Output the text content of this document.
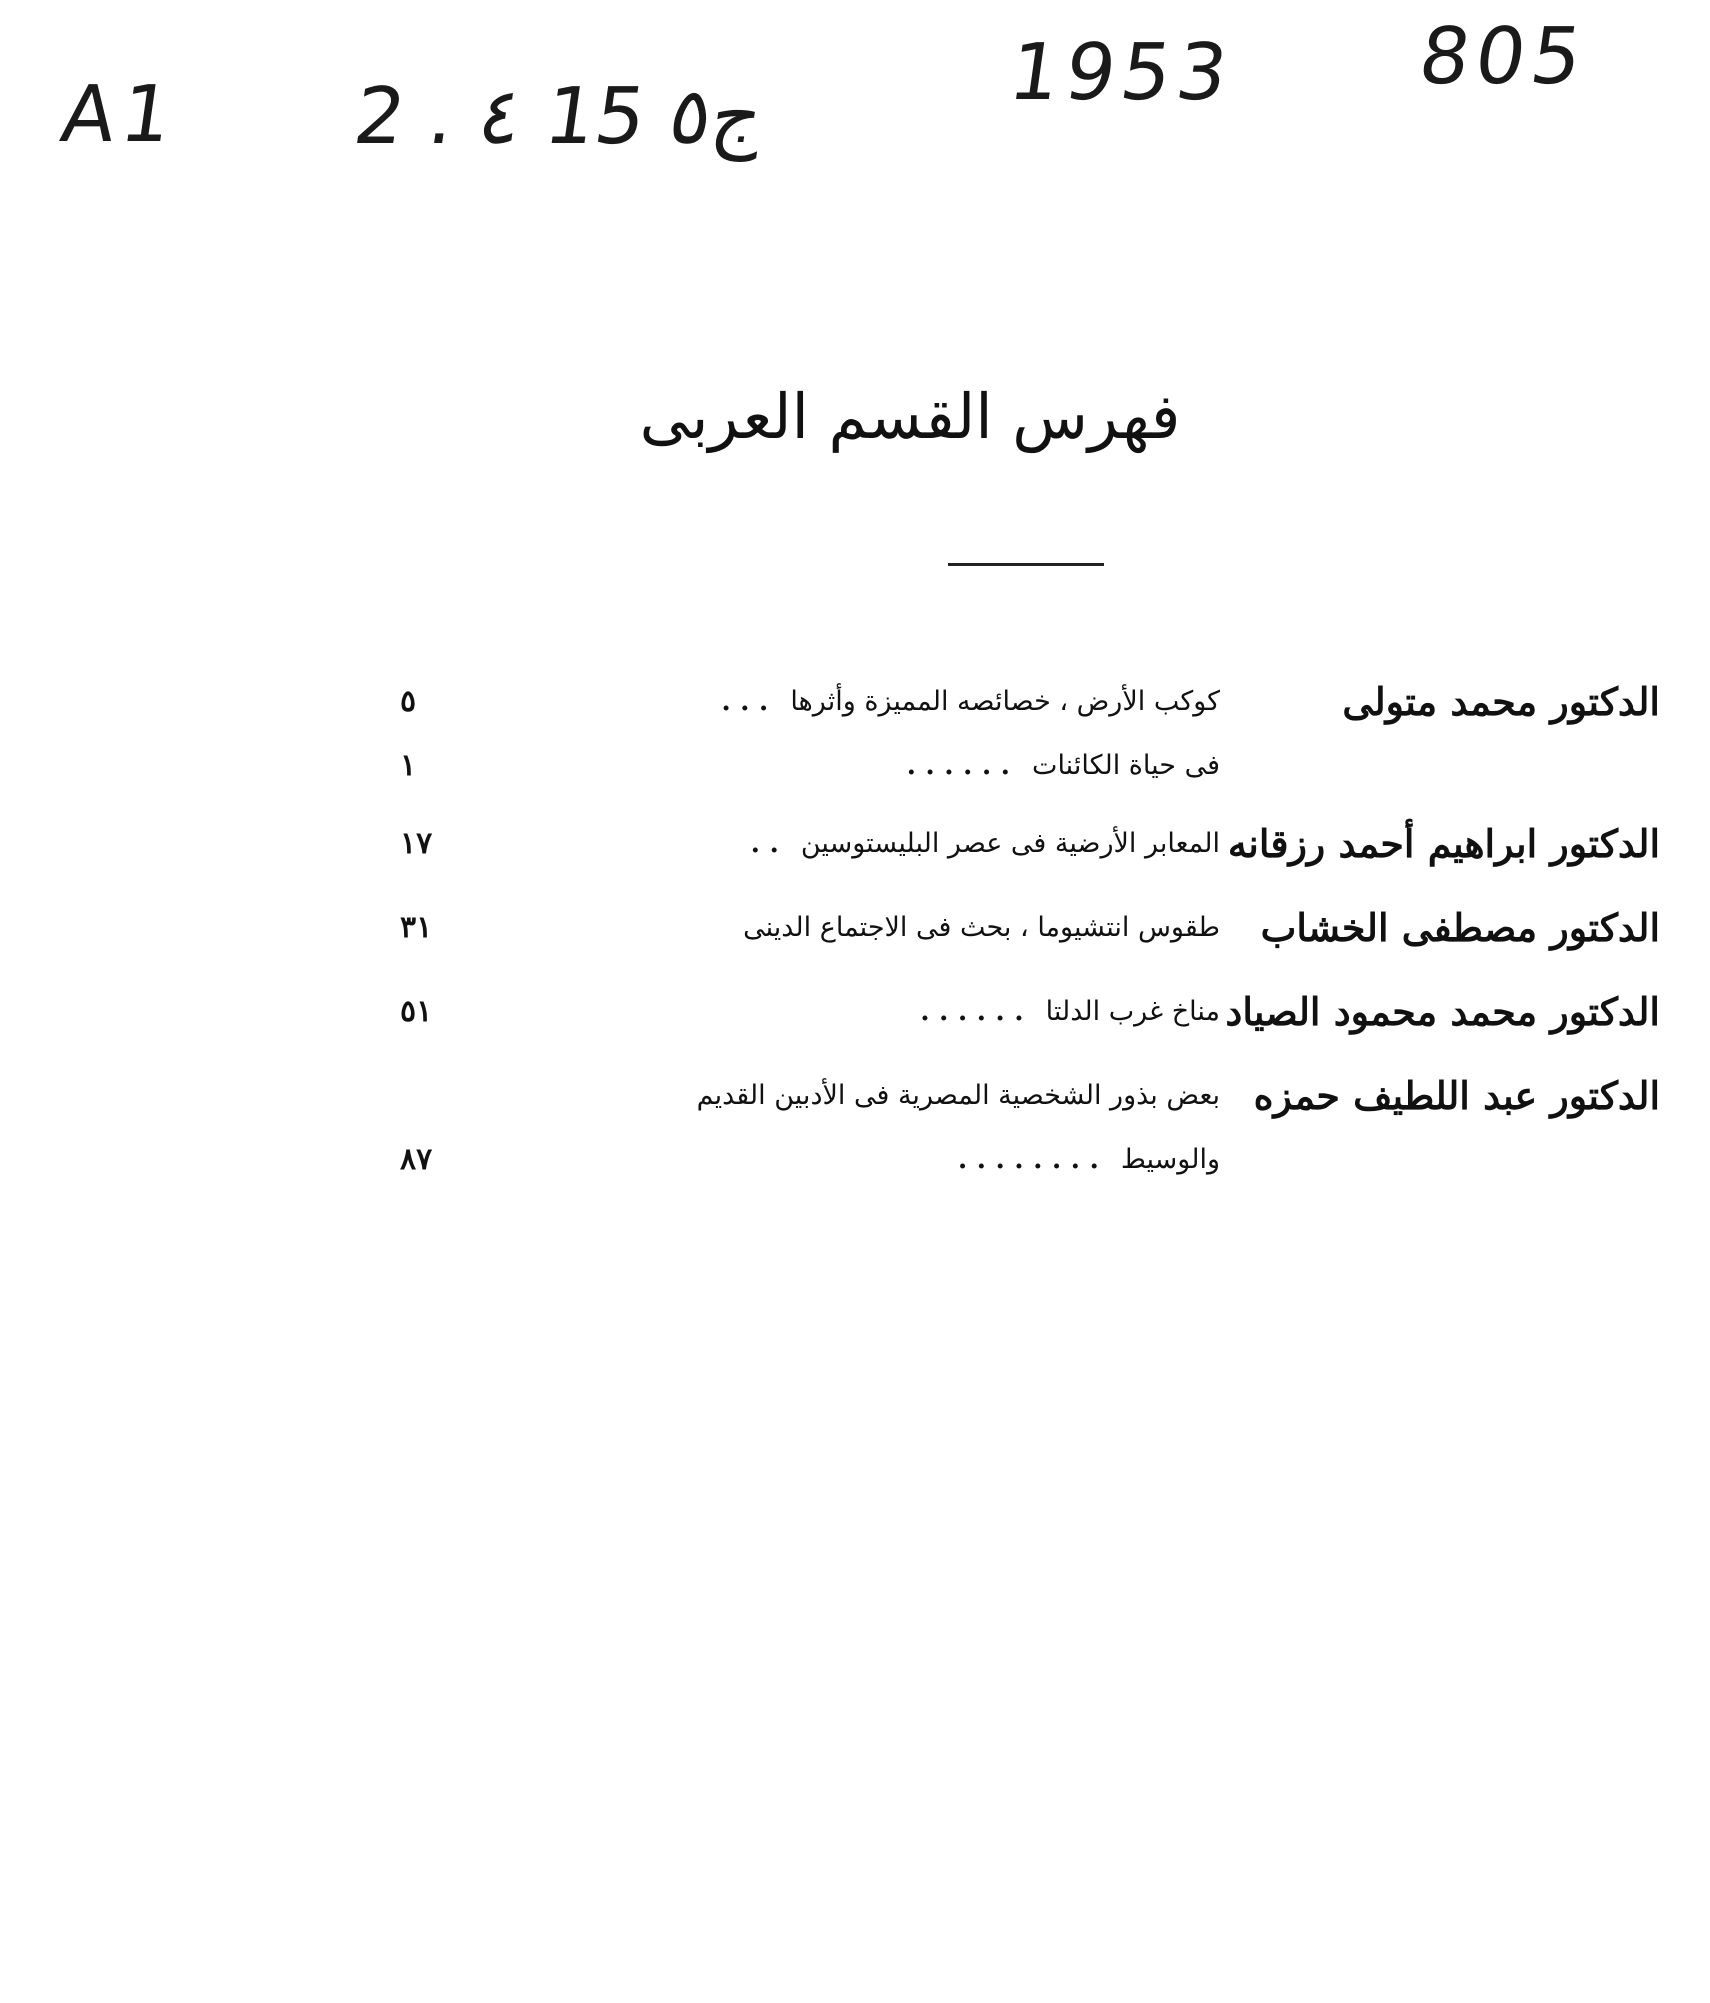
A1 2 . ٤ 15 ج٥	1953 805
فهرس القسم العربى
الدكتور محمد متولى
كوكب الأرض ، خصائصه المميزة وأثرها. . .
فى حياة الكائنات. . . . . .
٥
١
الدكتور ابراهيم أحمد رزقانه
المعابر الأرضية فى عصر البليستوسين. .
١٧
الدكتور مصطفى الخشاب
طقوس انتشيوما ، بحث فى الاجتماع الدينى
٣١
الدكتور محمد محمود الصياد
مناخ غرب الدلتا. . . . . .
٥١
الدكتور عبد اللطيف حمزه
بعض بذور الشخصية المصرية فى الأدبين القديم
والوسيط. . . . . . . .
٨٧
